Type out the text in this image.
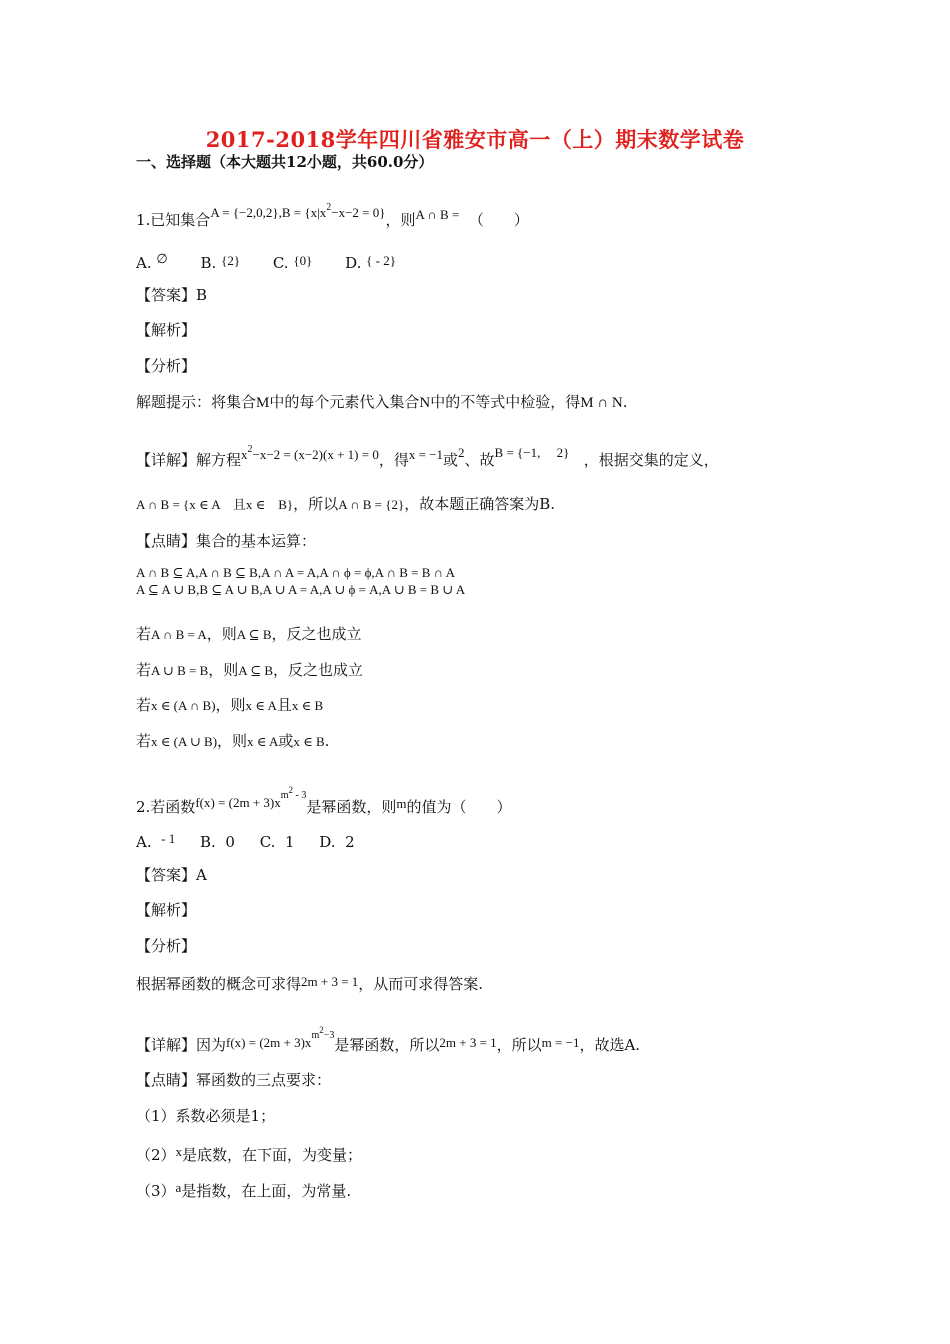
2017-2018学年四川省雅安市高一（上）期末数学试卷
一、选择题（本大题共12小题，共60.0分）
1.已知集合$A = \{-2,0,2\},B = \{x|x^2-x-2 = 0\}$，则A ∩ B = （　　）
A. ∅ B. {2} C. {0} D. { - 2}
【答案】B
【解析】
【分析】
解题提示：将集合M中的每个元素代入集合N中的不等式中检验，得M ∩ N.
【详解】解方程$x^2-x-2 = (x-2)(x + 1) = 0$，得x = −1或2、故B = {−1,　 2} ，根据交集的定义，
A ∩ B = {x ∈ A　且x ∈　B}，所以A ∩ B = {2}，故本题正确答案为B.
【点睛】集合的基本运算：
A ∩ B ⊆ A,A ∩ B ⊆ B,A ∩ A = A,A ∩ ϕ = ϕ,A ∩ B = B ∩ A
A ⊆ A ∪ B,B ⊆ A ∪ B,A ∪ A = A,A ∪ ϕ = A,A ∪ B = B ∪ A
若A ∩ B = A，则A ⊆ B，反之也成立
若A ∪ B = B，则A ⊆ B，反之也成立
若x ∈ (A ∩ B)，则x ∈ A且x ∈ B
若x ∈ (A ∪ B)，则x ∈ A或x ∈ B.
2.若函数$f(x) = (2m + 3)x^{m2 - 3}$是幂函数，则m的值为（　　）
A. - 1 B. 0 C. 1 D. 2
【答案】A
【解析】
【分析】
根据幂函数的概念可求得2m + 3 = 1，从而可求得答案.
【详解】因为$f(x) = (2m + 3)x^{m2-3}$是幂函数，所以2m + 3 = 1，所以m = −1，故选A.
【点睛】幂函数的三点要求：
（1）系数必须是1；
（2）x是底数，在下面，为变量；
（3）a是指数，在上面，为常量.
